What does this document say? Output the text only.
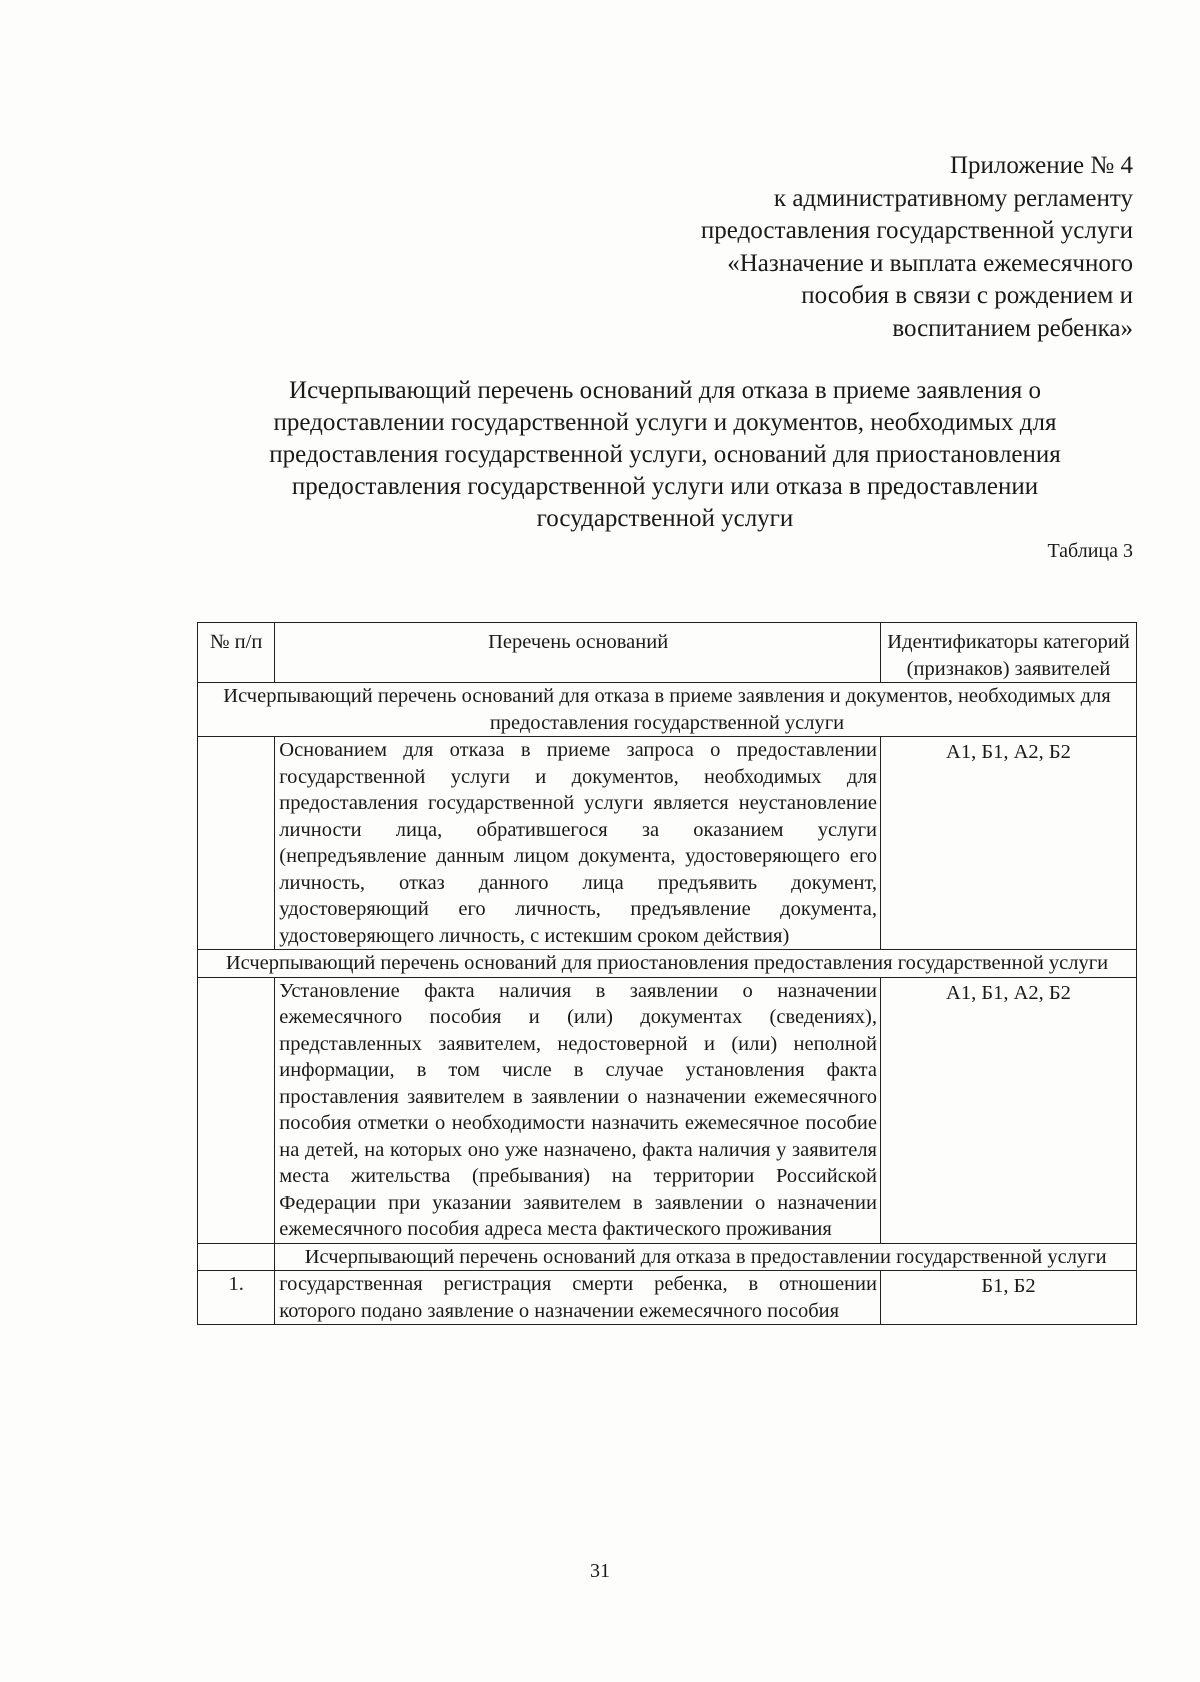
Приложение № 4
к административному регламенту
предоставления государственной услуги
«Назначение и выплата ежемесячного
пособия в связи с рождением и
воспитанием ребенка»
Исчерпывающий перечень оснований для отказа в приеме заявления о
предоставлении государственной услуги и документов, необходимых для
предоставления государственной услуги, оснований для приостановления
предоставления государственной услуги или отказа в предоставлении
государственной услуги
Таблица 3
№ п/п	Перечень оснований	Идентификаторы категорий (признаков) заявителей
Исчерпывающий перечень оснований для отказа в приеме заявления и документов, необходимых для предоставления государственной услуги		
	Основанием для отказа в приеме запроса о предоставлении государственной услуги и документов, необходимых для предоставления государственной услуги является неустановление личности лица, обратившегося за оказанием услуги (непредъявление данным лицом документа, удостоверяющего его личность, отказ данного лица предъявить документ, удостоверяющий его личность, предъявление документа, удостоверяющего личность, с истекшим сроком действия)	А1, Б1, А2, Б2
Исчерпывающий перечень оснований для приостановления предоставления государственной услуги		
	Установление факта наличия в заявлении о назначении ежемесячного пособия и (или) документах (сведениях), представленных заявителем, недостоверной и (или) неполной информации, в том числе в случае установления факта проставления заявителем в заявлении о назначении ежемесячного пособия отметки о необходимости назначить ежемесячное пособие на детей, на которых оно уже назначено, факта наличия у заявителя места жительства (пребывания) на территории Российской Федерации при указании заявителем в заявлении о назначении ежемесячного пособия адреса места фактического проживания	А1, Б1, А2, Б2
	Исчерпывающий перечень оснований для отказа в предоставлении государственной услуги	
1.	государственная регистрация смерти ребенка, в отношении которого подано заявление о назначении ежемесячного пособия	Б1, Б2
31
